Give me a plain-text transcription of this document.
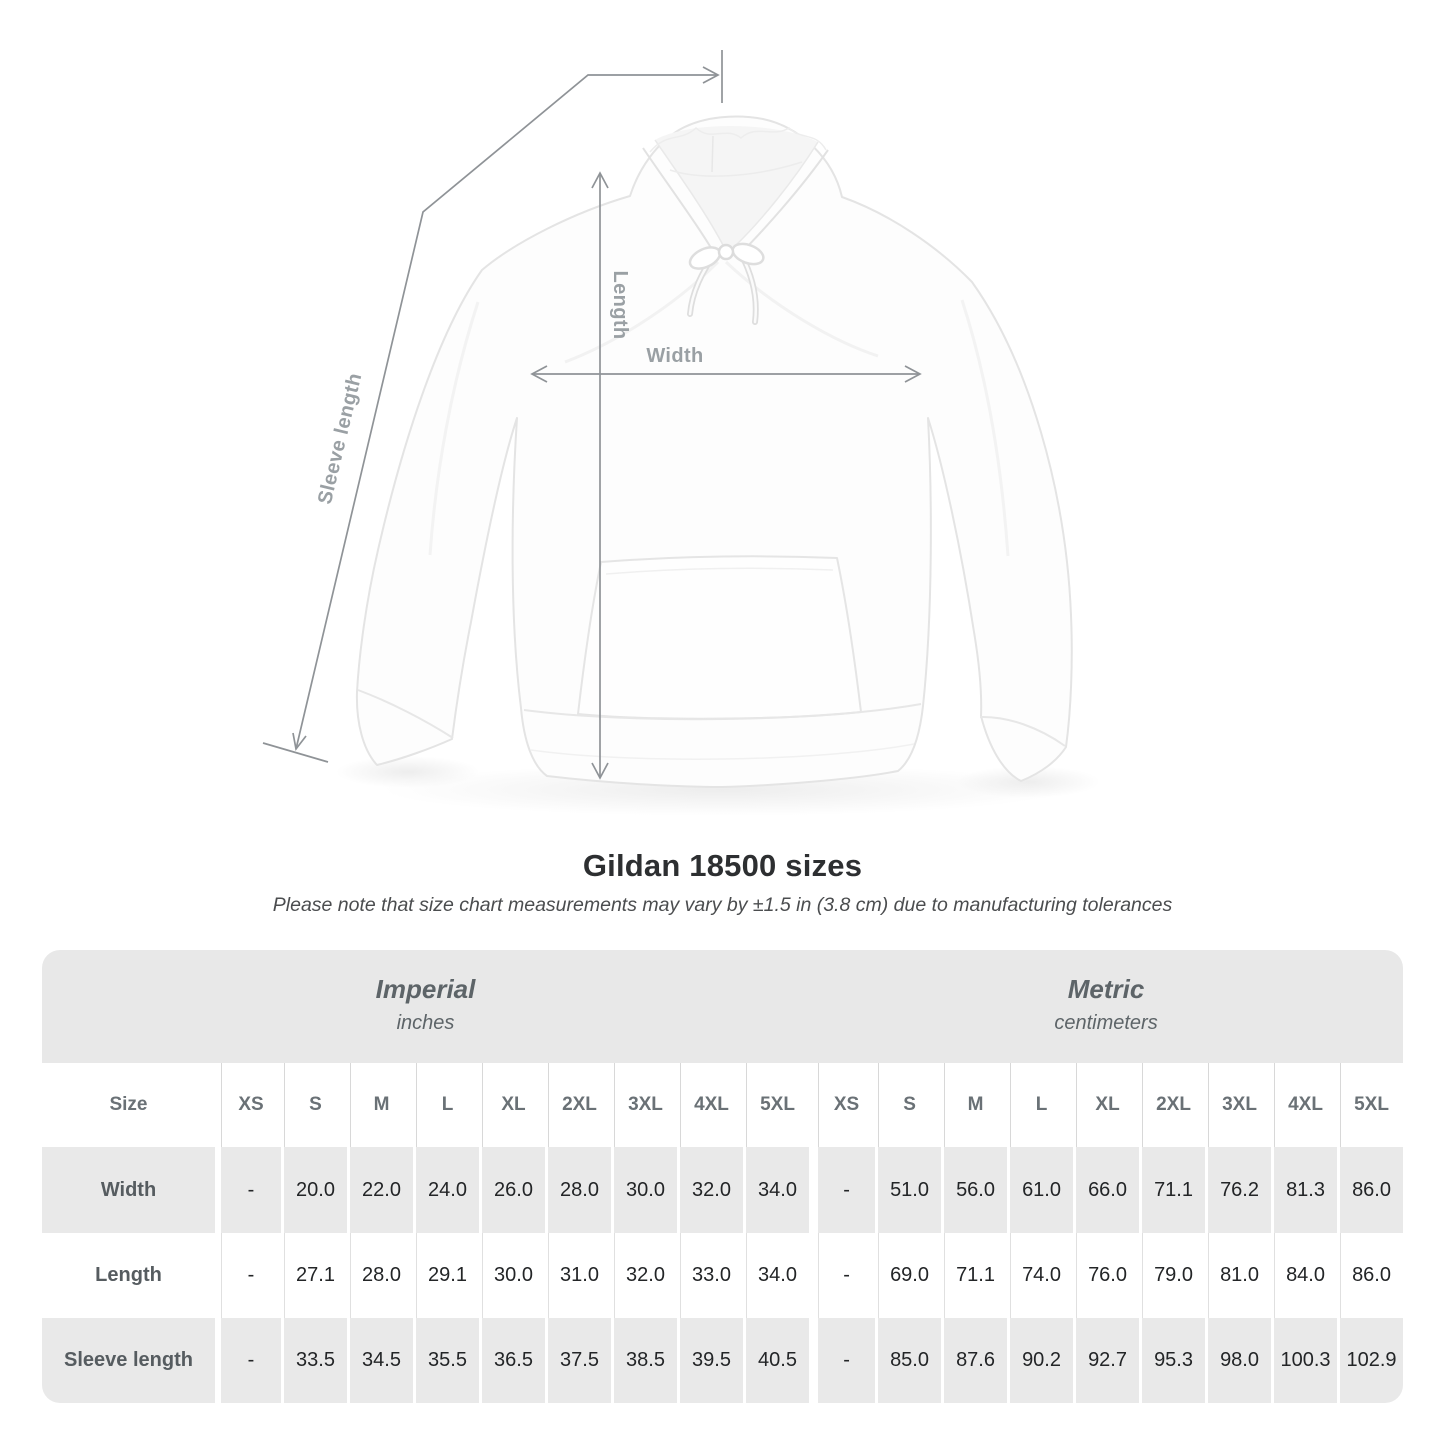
Sleeve length
Length
Width
Gildan 18500 sizes
Please note that size chart measurements may vary by ±1.5 in (3.8 cm) due to manufacturing tolerances
Imperial
inches										Metric
centimeters								

Size	XS	S	M	L	XL	2XL	3XL	4XL	5XL	XS	S	M	L	XL	2XL	3XL	4XL	5XL
Width	-	20.0	22.0	24.0	26.0	28.0	30.0	32.0	34.0	-	51.0	56.0	61.0	66.0	71.1	76.2	81.3	86.0
Length	-	27.1	28.0	29.1	30.0	31.0	32.0	33.0	34.0	-	69.0	71.1	74.0	76.0	79.0	81.0	84.0	86.0
Sleeve length	-	33.5	34.5	35.5	36.5	37.5	38.5	39.5	40.5	-	85.0	87.6	90.2	92.7	95.3	98.0	100.3	102.9
